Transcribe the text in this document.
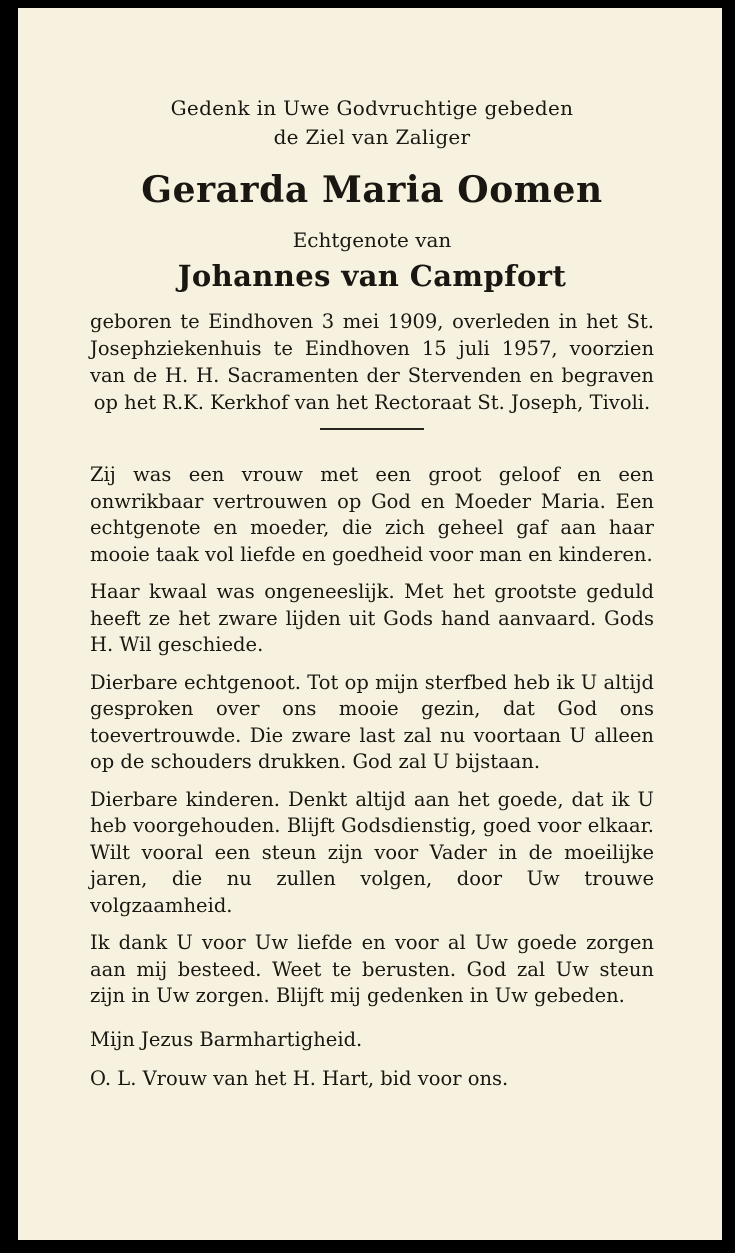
Gedenk in Uwe Godvruchtige gebeden
de Ziel van Zaliger
Gerarda Maria Oomen
Echtgenote van
Johannes van Campfort

geboren te Eindhoven 3 mei 1909, overleden in het St. Josephziekenhuis te Eindhoven 15 juli 1957, voorzien van de H. H. Sacramenten der Stervenden en begraven op het R.K. Kerkhof van het Rectoraat St. Joseph, Tivoli.

Zij was een vrouw met een groot geloof en een onwrikbaar vertrouwen op God en Moeder Maria. Een echtgenote en moeder, die zich geheel gaf aan haar mooie taak vol liefde en goedheid voor man en kinderen.

Haar kwaal was ongeneeslijk. Met het grootste geduld heeft ze het zware lijden uit Gods hand aanvaard. Gods H. Wil geschiede.

Dierbare echtgenoot. Tot op mijn sterfbed heb ik U altijd gesproken over ons mooie gezin, dat God ons toevertrouwde. Die zware last zal nu voortaan U alleen op de schouders drukken. God zal U bijstaan.

Dierbare kinderen. Denkt altijd aan het goede, dat ik U heb voorgehouden. Blijft Godsdienstig, goed voor elkaar. Wilt vooral een steun zijn voor Vader in de moeilijke jaren, die nu zullen volgen, door Uw trouwe volgzaamheid.

Ik dank U voor Uw liefde en voor al Uw goede zorgen aan mij besteed. Weet te berusten. God zal Uw steun zijn in Uw zorgen. Blijft mij gedenken in Uw gebeden.

Mijn Jezus Barmhartigheid.

O. L. Vrouw van het H. Hart, bid voor ons.
